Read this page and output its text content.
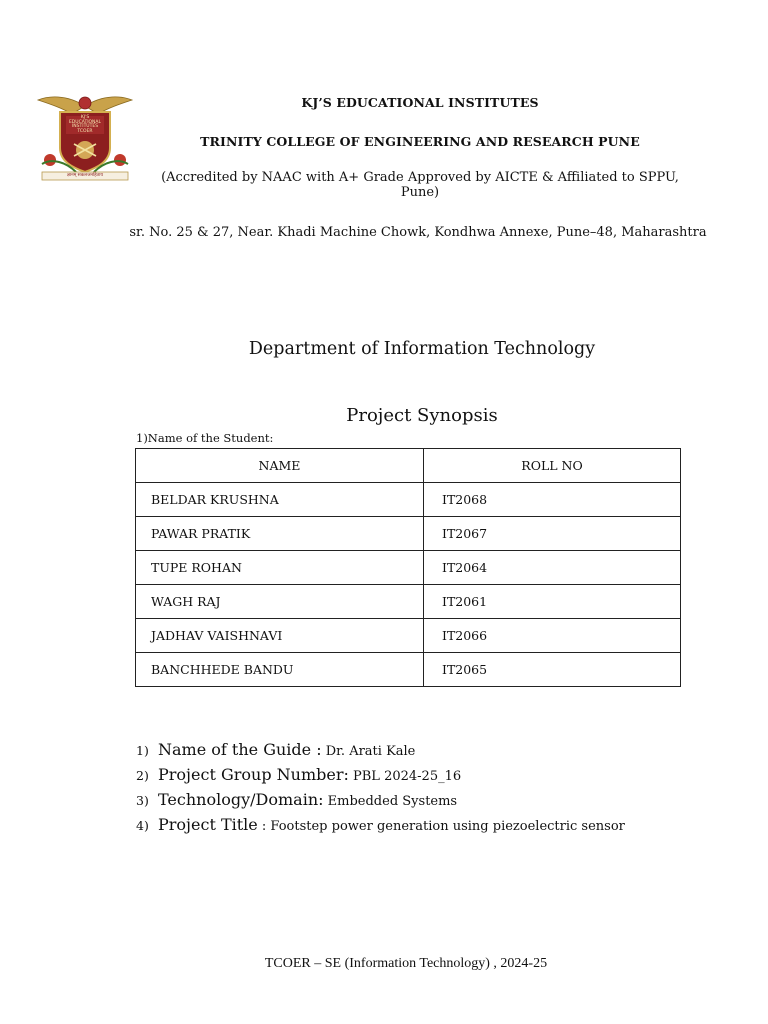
KJ'S
EDUCATIONAL
INSTITUTES
TCOER
ज्ञानम् सकलजनहिताय
KJ’S EDUCATIONAL INSTITUTES
TRINITY COLLEGE OF ENGINEERING AND RESEARCH PUNE
(Accredited by NAAC with A+ Grade Approved by AICTE & Affiliated to SPPU, Pune)
sr. No. 25 & 27, Near. Khadi Machine Chowk, Kondhwa Annexe, Pune–48, Maharashtra
Department of Information Technology
Project Synopsis
1)Name of the Student:
NAME	ROLL NO
BELDAR KRUSHNA	IT2068
PAWAR PRATIK	IT2067
TUPE ROHAN	IT2064
WAGH RAJ	IT2061
JADHAV VAISHNAVI	IT2066
BANCHHEDE BANDU	IT2065
1) Name of the Guide : Dr. Arati Kale
2) Project Group Number: PBL 2024-25_16
3) Technology/Domain: Embedded Systems
4) Project Title : Footstep power generation using piezoelectric sensor
TCOER – SE (Information Technology) , 2024-25
